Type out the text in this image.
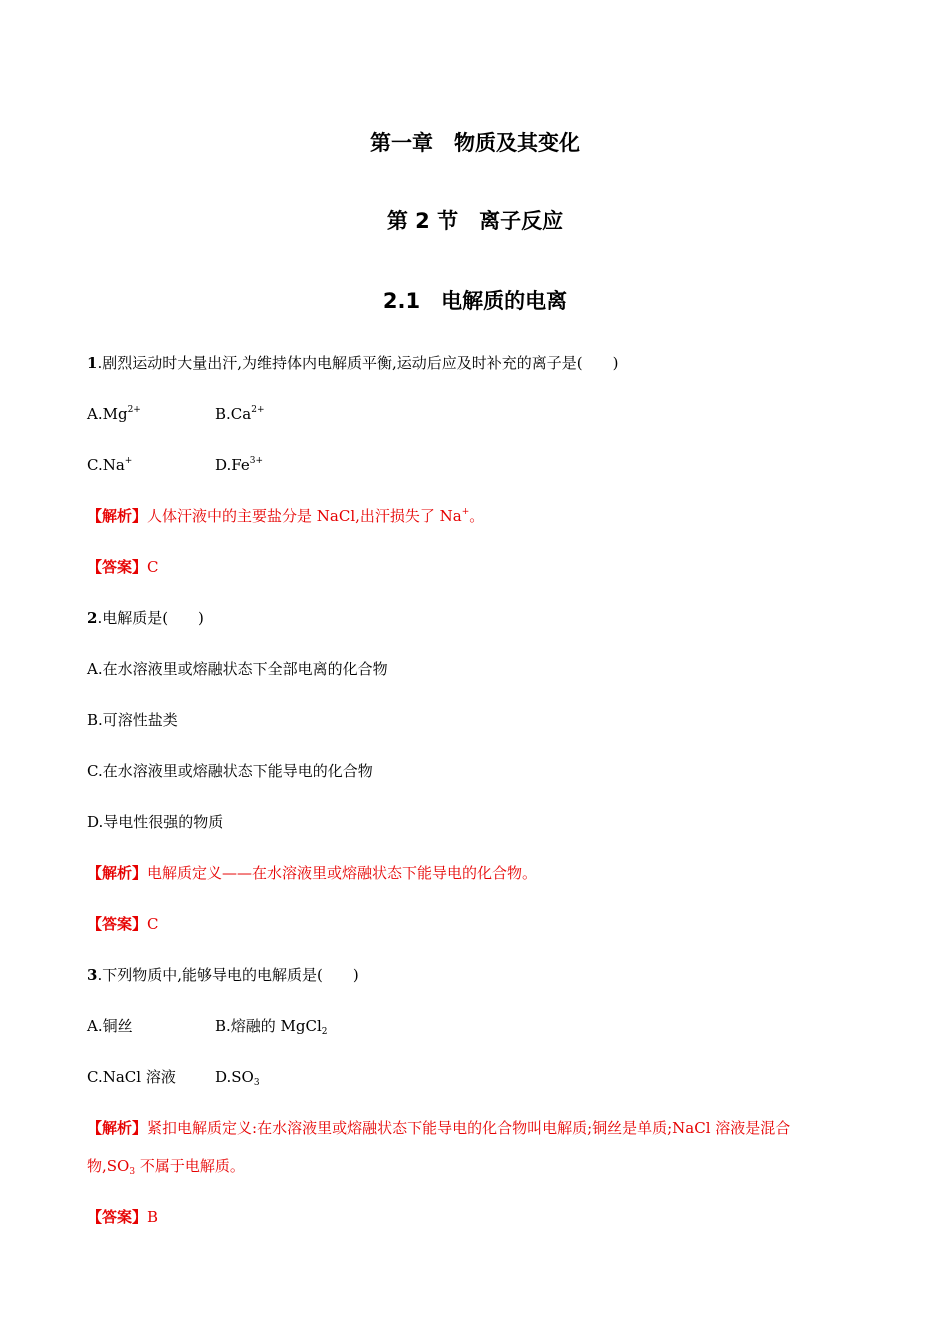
第一章　物质及其变化
第 2 节　离子反应
2.1　电解质的电离
1.剧烈运动时大量出汗,为维持体内电解质平衡,运动后应及时补充的离子是(　　)
$A.Mg^{2+}$	$B.Ca^{2+}$
C.Na+	$D.Fe^{3+}$
【解析】人体汗液中的主要盐分是 NaCl,出汗损失了 Na+。
【答案】C
2.电解质是(　　)
A.在水溶液里或熔融状态下全部电离的化合物
B.可溶性盐类
C.在水溶液里或熔融状态下能导电的化合物
D.导电性很强的物质
【解析】电解质定义——在水溶液里或熔融状态下能导电的化合物。
【答案】C
3.下列物质中,能够导电的电解质是(　　)
A.铜丝	B.熔融的 MgCl$_2$
C.NaCl 溶液	$D.SO_3$
【解析】紧扣电解质定义:在水溶液里或熔融状态下能导电的化合物叫电解质;铜丝是单质;NaCl 溶液是混合
物$,SO_3$ 不属于电解质。
【答案】B
